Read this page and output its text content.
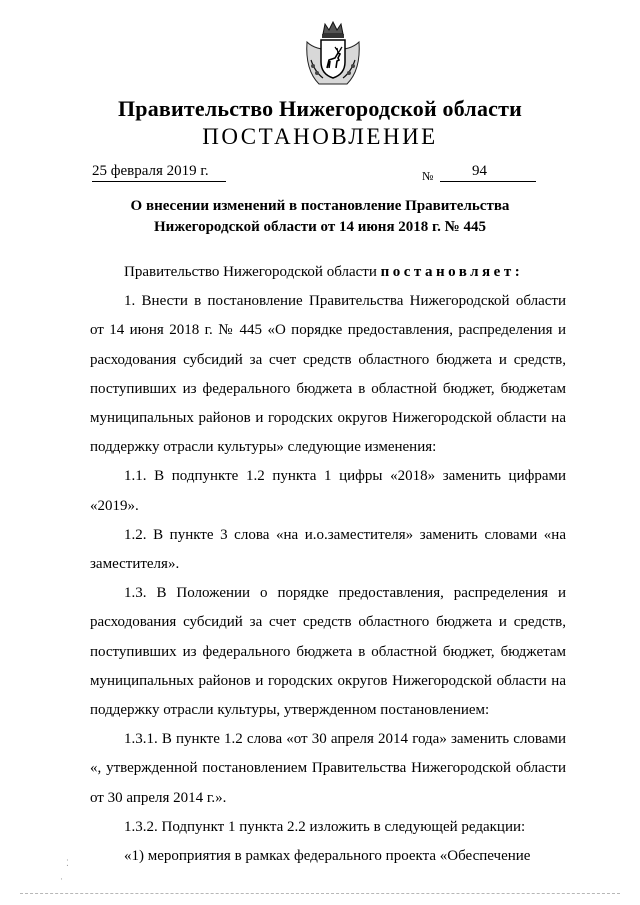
Правительство Нижегородской области
ПОСТАНОВЛЕНИЕ
25 февраля 2019 г.	№	94
О внесении изменений в постановление Правительства
Нижегородской области от 14 июня 2018 г. № 445

Правительство Нижегородской области постановляет:

1. Внести в постановление Правительства Нижегородской области от 14 июня 2018 г. № 445 «О порядке предоставления, распределения и расходования субсидий за счет средств областного бюджета и средств, поступивших из федерального бюджета в областной бюджет, бюджетам муниципальных районов и городских округов Нижегородской области на поддержку отрасли культуры» следующие изменения:

1.1. В подпункте 1.2 пункта 1 цифры «2018» заменить цифрами «2019».

1.2. В пункте 3 слова «на и.о.заместителя» заменить словами «на заместителя».

1.3. В Положении о порядке предоставления, распределения и расходования субсидий за счет средств областного бюджета и средств, поступивших из федерального бюджета в областной бюджет, бюджетам муниципальных районов и городских округов Нижегородской области на поддержку отрасли культуры, утвержденном постановлением:

1.3.1. В пункте 1.2 слова «от 30 апреля 2014 года» заменить словами «, утвержденной постановлением Правительства Нижегородской области от 30 апреля 2014 г.».

1.3.2. Подпункт 1 пункта 2.2 изложить в следующей редакции:

«1) мероприятия в рамках федерального проекта «Обеспечение

⁚
·
